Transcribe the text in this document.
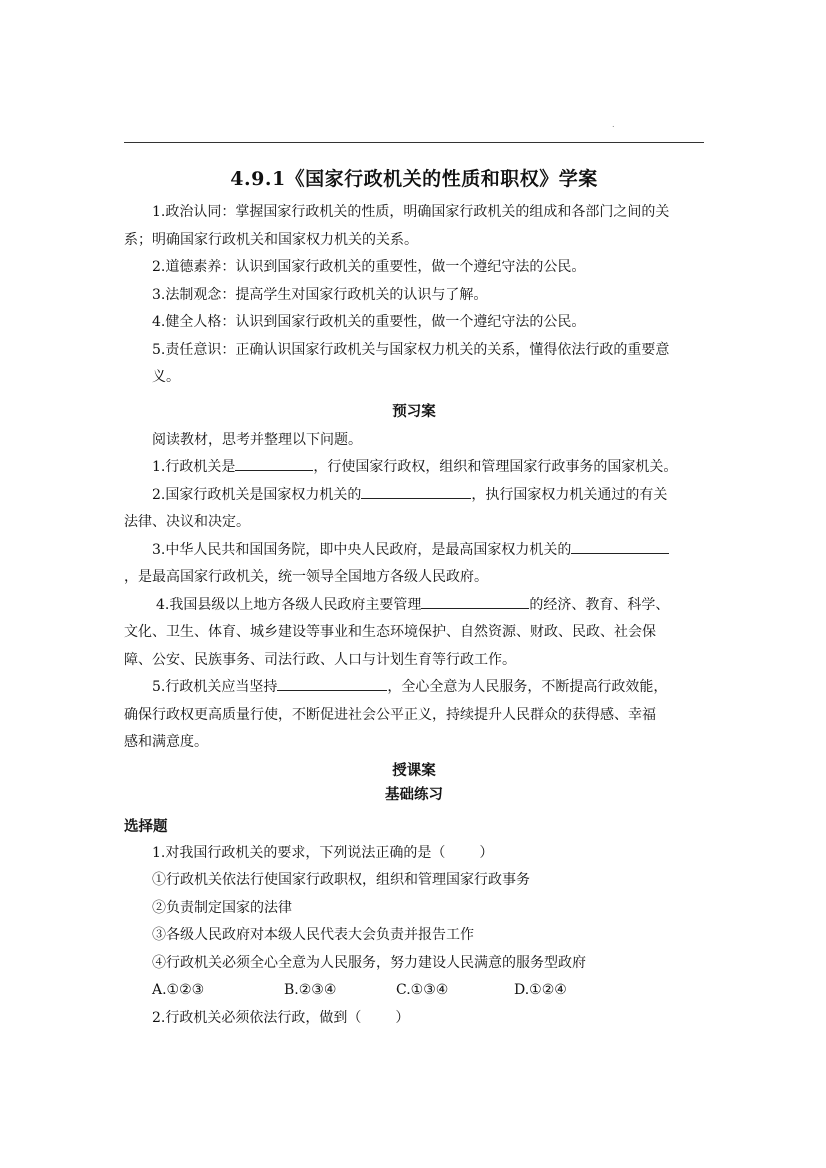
.
4.9.1《国家行政机关的性质和职权》学案

1.政治认同：掌握国家行政机关的性质，明确国家行政机关的组成和各部门之间的关

系；明确国家行政机关和国家权力机关的关系。

2.道德素养：认识到国家行政机关的重要性，做一个遵纪守法的公民。

3.法制观念：提高学生对国家行政机关的认识与了解。

4.健全人格：认识到国家行政机关的重要性，做一个遵纪守法的公民。

5.责任意识：正确认识国家行政机关与国家权力机关的关系，懂得依法行政的重要意

义。

预习案

阅读教材，思考并整理以下问题。

1.行政机关是	，行使国家行政权，组织和管理国家行政事务的国家机关。

2.国家行政机关是国家权力机关的	，执行国家权力机关通过的有关

法律、决议和决定。

3.中华人民共和国国务院，即中央人民政府，是最高国家权力机关的

，是最高国家行政机关，统一领导全国地方各级人民政府。

4.我国县级以上地方各级人民政府主要管理	的经济、教育、科学、

文化、卫生、体育、城乡建设等事业和生态环境保护、自然资源、财政、民政、社会保

障、公安、民族事务、司法行政、人口与计划生育等行政工作。

5.行政机关应当坚持	，全心全意为人民服务，不断提高行政效能，

确保行政权更高质量行使，不断促进社会公平正义，持续提升人民群众的获得感、幸福

感和满意度。

授课案

基础练习

选择题

1.对我国行政机关的要求，下列说法正确的是（ ）

①行政机关依法行使国家行政职权，组织和管理国家行政事务

②负责制定国家的法律

③各级人民政府对本级人民代表大会负责并报告工作

④行政机关必须全心全意为人民服务，努力建设人民满意的服务型政府

A.①②③	B.②③④	C.①③④	D.①②④

2.行政机关必须依法行政，做到（ ）
